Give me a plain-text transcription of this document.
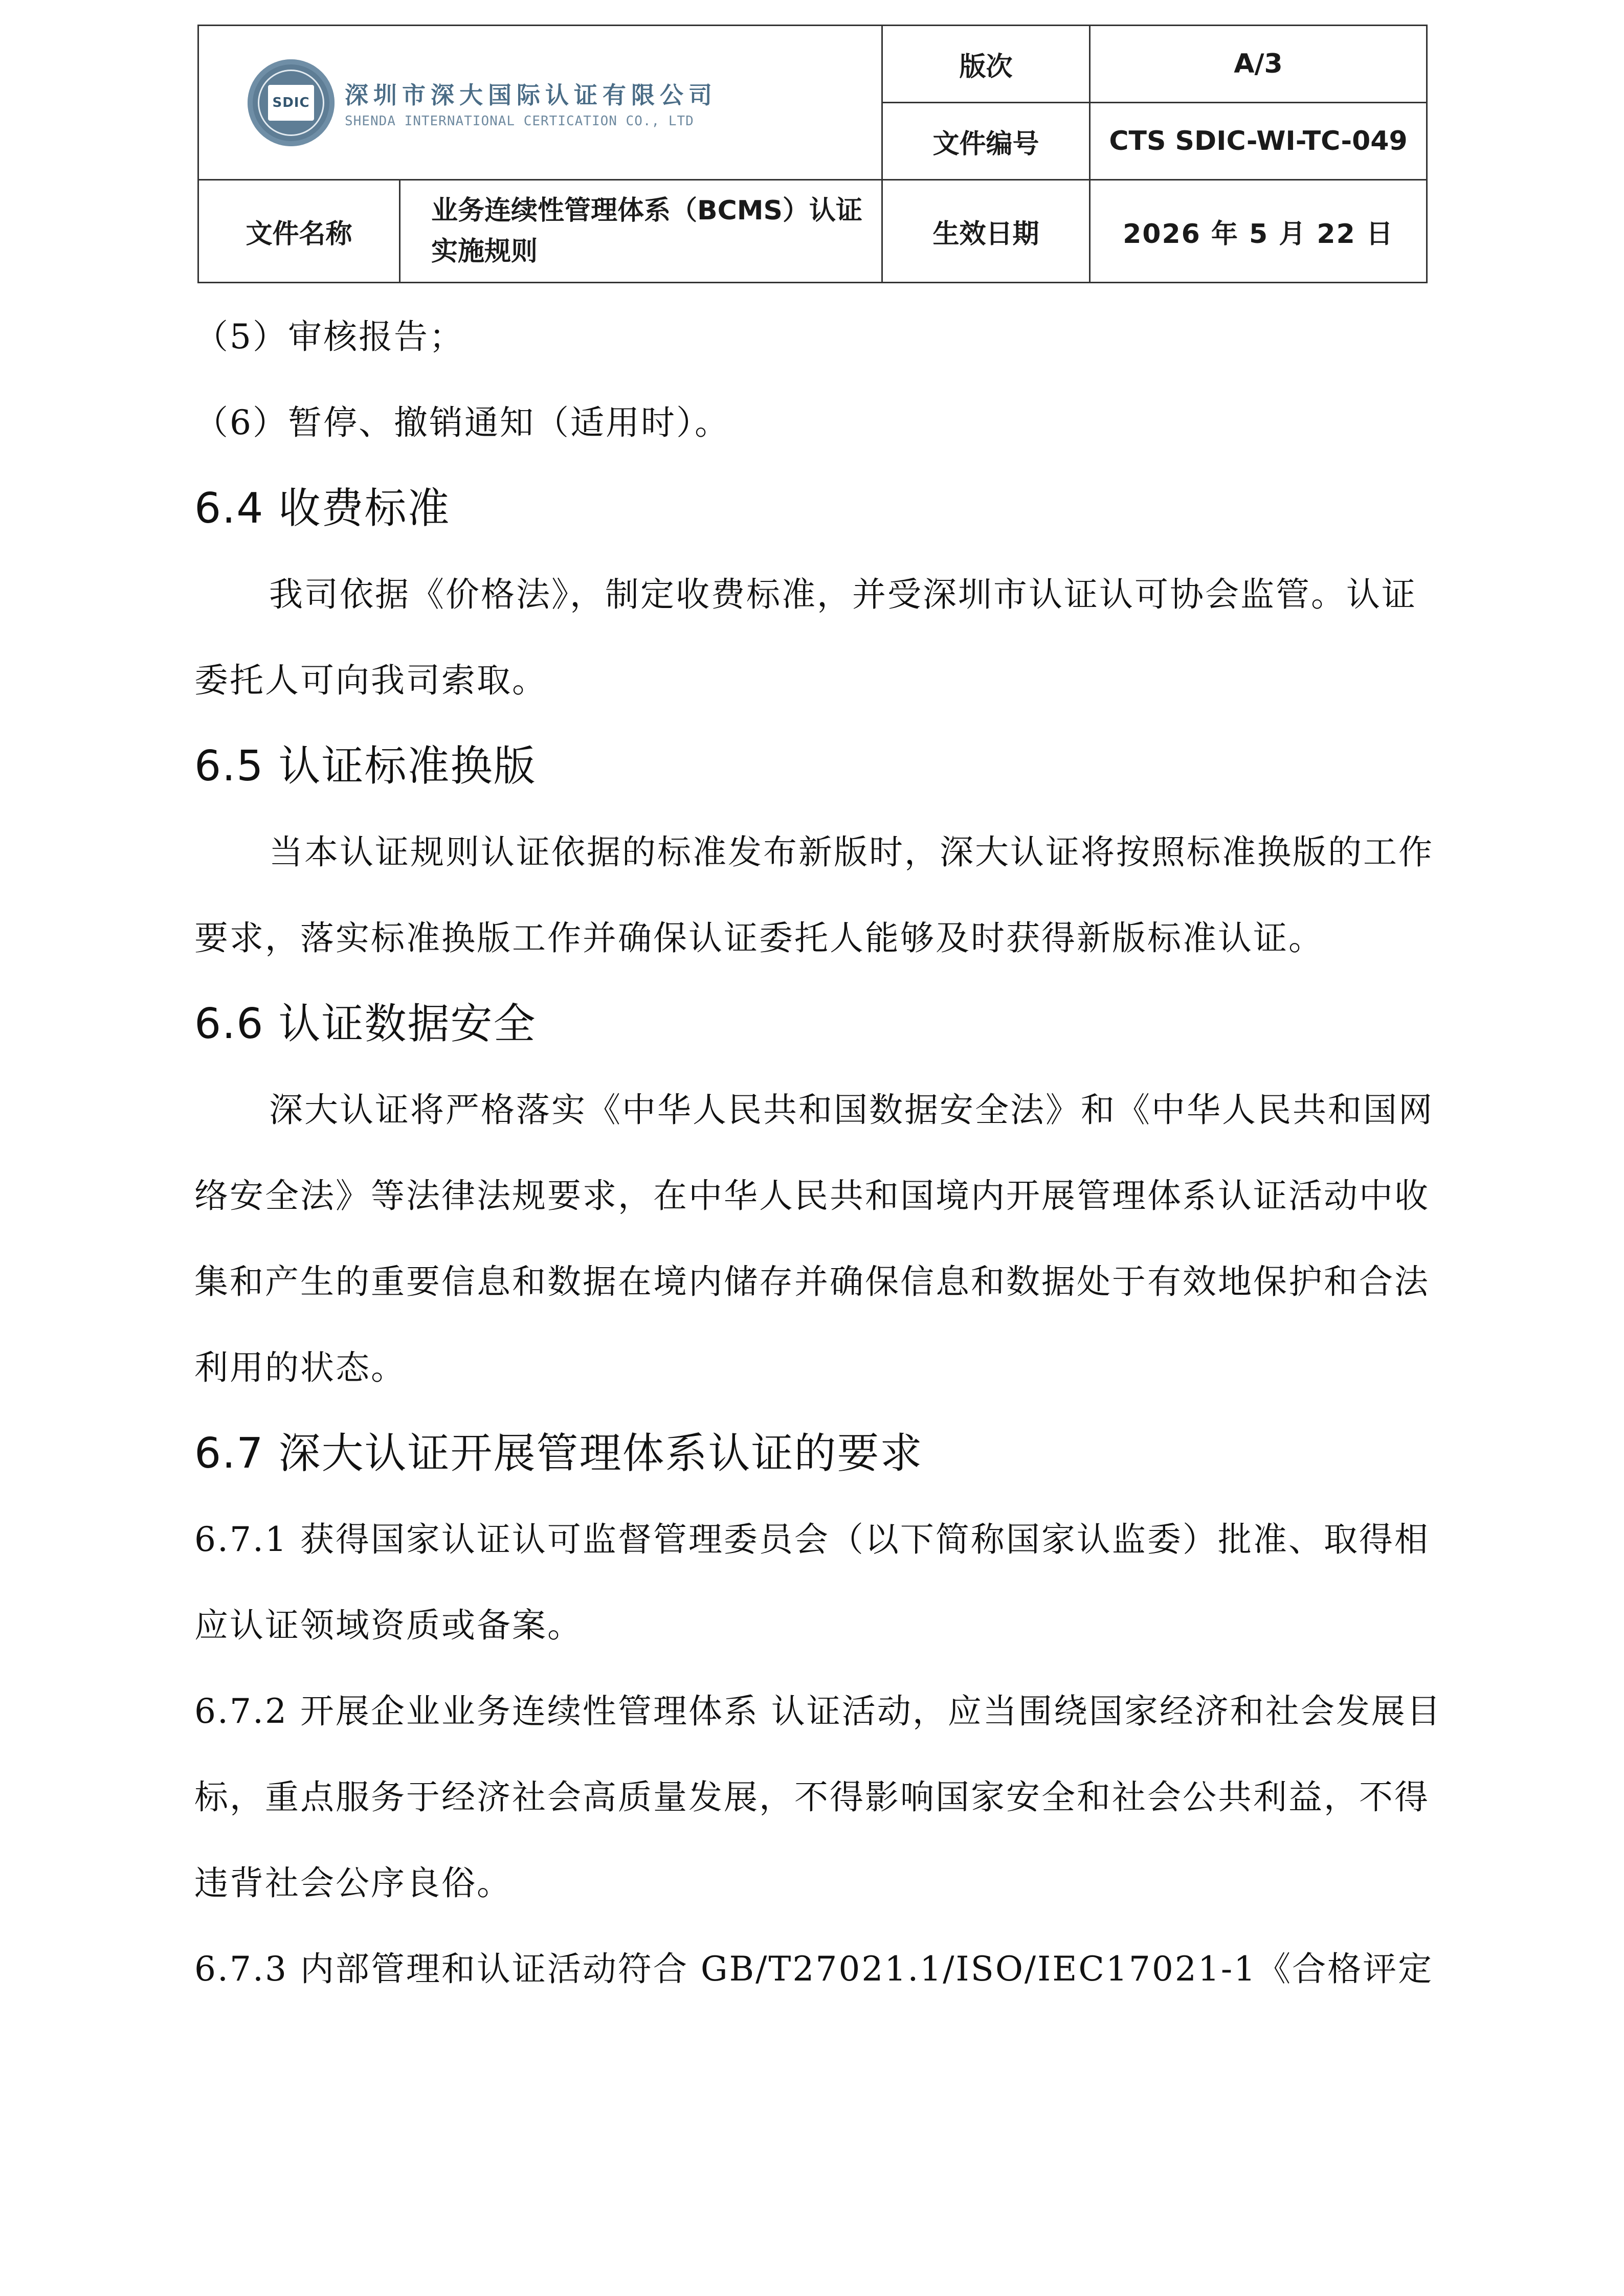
SDIC 深圳市深大国际认证有限公司
SHENDA INTERNATIONAL CERTICATION CO., LTD		版次	A/3
		文件编号	CTS SDIC-WI-TC-049
文件名称	业务连续性管理体系（BCMS）认证实施规则	生效日期	2026 年 5 月 22 日

（5）审核报告；

（6）暂停、撤销通知（适用时）。

6.4 收费标准

我司依据《价格法》，制定收费标准，并受深圳市认证认可协会监管。认证委托人可向我司索取。

6.5 认证标准换版

当本认证规则认证依据的标准发布新版时，深大认证将按照标准换版的工作要求，落实标准换版工作并确保认证委托人能够及时获得新版标准认证。

6.6 认证数据安全

深大认证将严格落实《中华人民共和国数据安全法》和《中华人民共和国网络安全法》等法律法规要求，在中华人民共和国境内开展管理体系认证活动中收集和产生的重要信息和数据在境内储存并确保信息和数据处于有效地保护和合法利用的状态。

6.7 深大认证开展管理体系认证的要求

6.7.1 获得国家认证认可监督管理委员会（以下简称国家认监委）批准、取得相应认证领域资质或备案。

6.7.2 开展企业业务连续性管理体系 认证活动，应当围绕国家经济和社会发展目标，重点服务于经济社会高质量发展，不得影响国家安全和社会公共利益，不得违背社会公序良俗。

6.7.3 内部管理和认证活动符合 GB/T27021.1/ISO/IEC17021-1《合格评定
